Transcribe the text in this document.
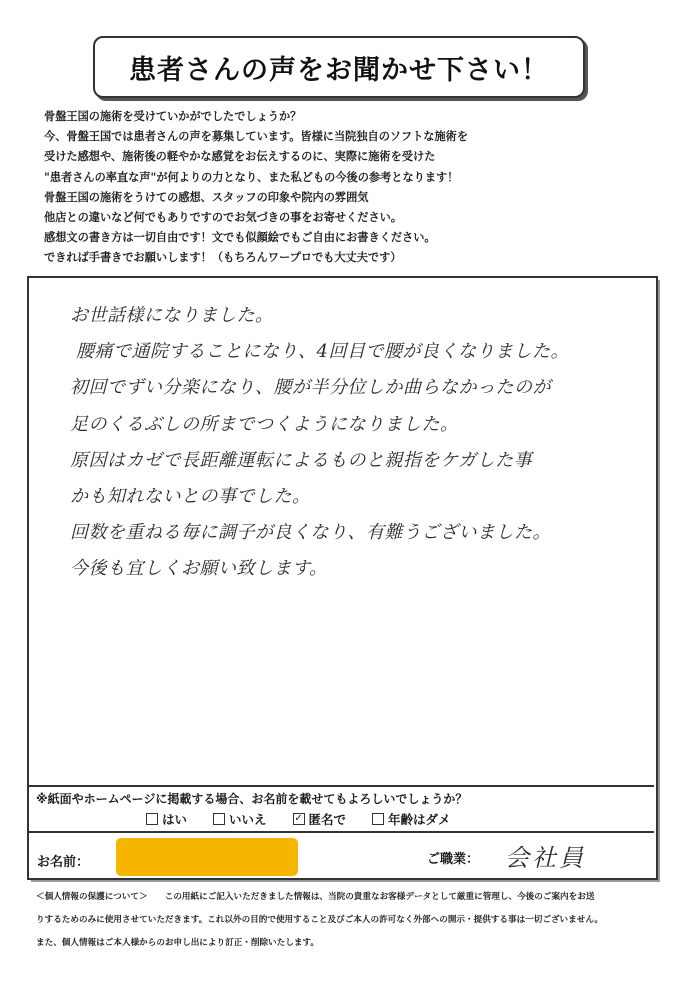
患者さんの声をお聞かせ下さい！
骨盤王国の施術を受けていかがでしたでしょうか？
今、骨盤王国では患者さんの声を募集しています。皆様に当院独自のソフトな施術を
受けた感想や、施術後の軽やかな感覚をお伝えするのに、実際に施術を受けた
"患者さんの率直な声"が何よりの力となり、また私どもの今後の参考となります！
骨盤王国の施術をうけての感想、スタッフの印象や院内の雰囲気
他店との違いなど何でもありですのでお気づきの事をお寄せください。
感想文の書き方は一切自由です！文でも似顔絵でもご自由にお書きください。
できれば手書きでお願いします！（もちろんワープロでも大丈夫です）
お世話様になりました。
腰痛で通院することになり、4回目で腰が良くなりました。
初回でずい分楽になり、腰が半分位しか曲らなかったのが
足のくるぶしの所までつくようになりました。
原因はカゼで長距離運転によるものと親指をケガした事
かも知れないとの事でした。
回数を重ねる毎に調子が良くなり、有難うございました。
今後も宜しくお願い致します。
※紙面やホームページに掲載する場合、お名前を載せてもよろしいでしょうか？
はい	いいえ	✓ 匿名で	年齢はダメ
お名前：	ご職業： 会社員
＜個人情報の保護について＞　　この用紙にご記入いただきました情報は、当院の貴重なお客様データとして厳重に管理し、今後のご案内をお送
りするためのみに使用させていただきます。これ以外の目的で使用すること及びご本人の許可なく外部への開示・提供する事は一切ございません。
また、個人情報はご本人様からのお申し出により訂正・削除いたします。
